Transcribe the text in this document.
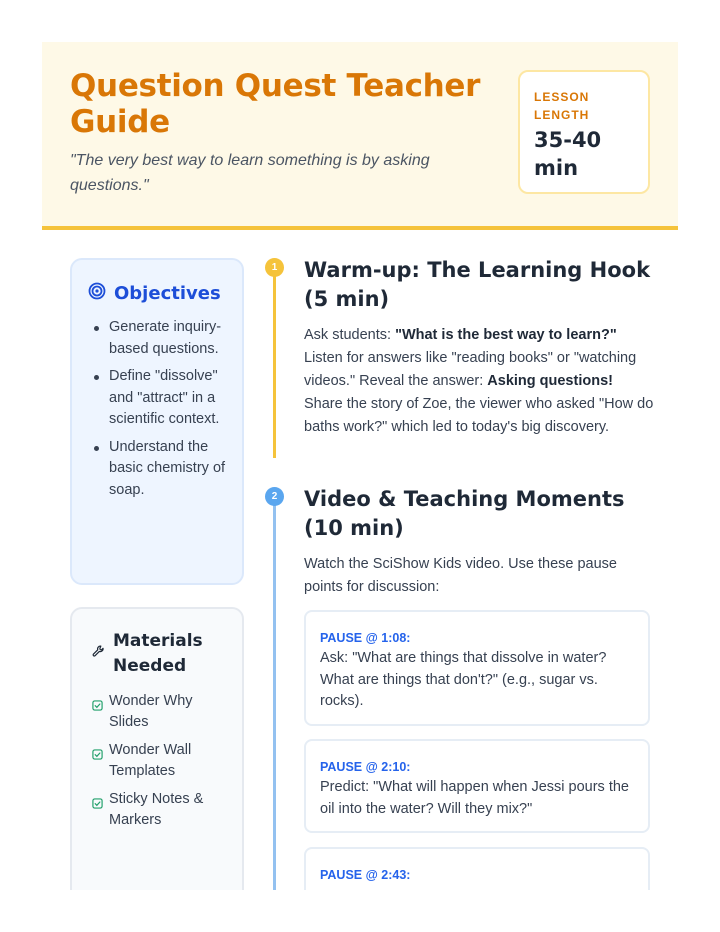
Question Quest Teacher Guide

"The very best way to learn something is by asking questions."

LESSON LENGTH
35-40 min
Objectives
Generate inquiry-based questions.
Define "dissolve" and "attract" in a scientific context.
Understand the basic chemistry of soap.
Materials Needed
Wonder Why Slides
Wonder Wall Templates
Sticky Notes & Markers
1
2
Warm-up: The Learning Hook (5 min)

Ask students: "What is the best way to learn?" Listen for answers like "reading books" or "watching videos." Reveal the answer: Asking questions! Share the story of Zoe, the viewer who asked "How do baths work?" which led to today's big discovery.

Video & Teaching Moments (10 min)

Watch the SciShow Kids video. Use these pause points for discussion:

PAUSE @ 1:08:
Ask: "What are things that dissolve in water? What are things that don't?" (e.g., sugar vs. rocks).
PAUSE @ 2:10:
Predict: "What will happen when Jessi pours the oil into the water? Will they mix?"
PAUSE @ 2:43:
